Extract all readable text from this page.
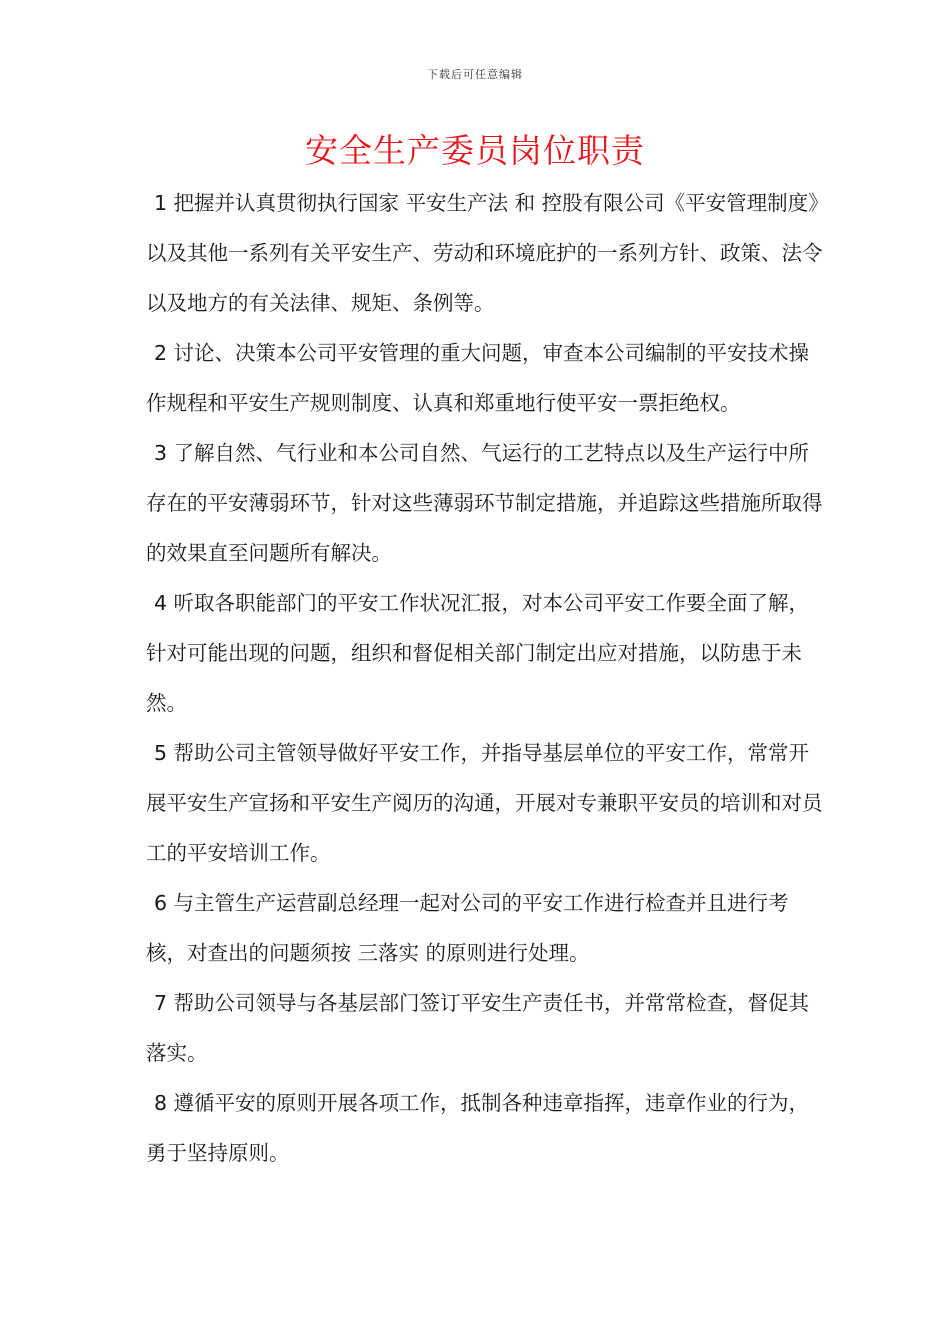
下载后可任意编辑
安全生产委员岗位职责

1 把握并认真贯彻执行国家 平安生产法 和 控股有限公司《平安管理制度》以及其他一系列有关平安生产、劳动和环境庇护的一系列方针、政策、法令以及地方的有关法律、规矩、条例等。

2 讨论、决策本公司平安管理的重大问题，审查本公司编制的平安技术操作规程和平安生产规则制度、认真和郑重地行使平安一票拒绝权。

3 了解自然、气行业和本公司自然、气运行的工艺特点以及生产运行中所存在的平安薄弱环节，针对这些薄弱环节制定措施，并追踪这些措施所取得的效果直至问题所有解决。

4 听取各职能部门的平安工作状况汇报，对本公司平安工作要全面了解，针对可能出现的问题，组织和督促相关部门制定出应对措施，以防患于未然。

5 帮助公司主管领导做好平安工作，并指导基层单位的平安工作，常常开展平安生产宣扬和平安生产阅历的沟通，开展对专兼职平安员的培训和对员工的平安培训工作。

6 与主管生产运营副总经理一起对公司的平安工作进行检查并且进行考核，对查出的问题须按 三落实 的原则进行处理。

7 帮助公司领导与各基层部门签订平安生产责任书，并常常检查，督促其落实。

8 遵循平安的原则开展各项工作，抵制各种违章指挥，违章作业的行为，勇于坚持原则。
